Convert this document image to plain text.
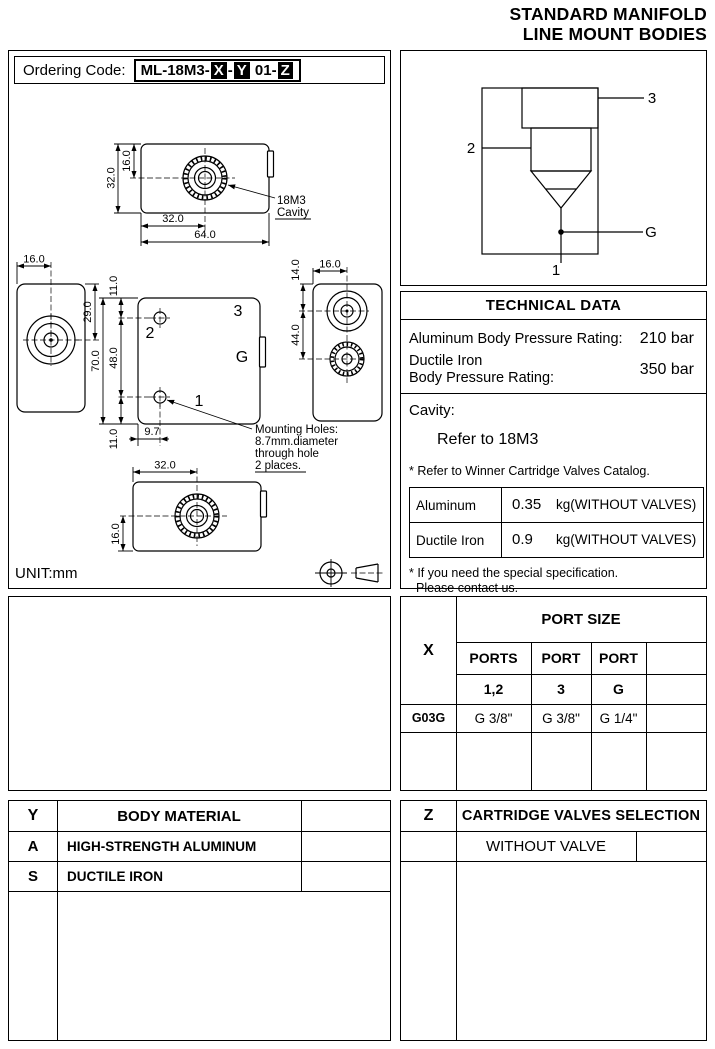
STANDARD MANIFOLD
LINE MOUNT BODIES
Ordering Code: ML-18M3- X - Y 01- Z
32.0
16.0
32.0
64.0
18M3
Cavity
16.0
29.0
2
3
G
1
70.0
11.0
48.0
11.0 9.7	Mounting Holes:
8.7mm.diameter
through hole
2 places.
14.0 16.0
44.0
32.0
16.0
UNIT:mm
2
3
G
1
TECHNICAL DATA
Aluminum Body Pressure Rating: 210 bar
Ductile Iron
Body Pressure Rating:	350 bar
Cavity:
Refer to 18M3
* Refer to Winner Cartridge Valves Catalog.
Aluminum	0.35 kg(WITHOUT VALVES)
Ductile Iron	0.9 kg(WITHOUT VALVES)
* If you need the special specification.
Please contact us.
X
PORT SIZE
PORTS	PORT	PORT
1,2	3	G
G03G	G 3/8"	G 3/8"	G 1/4"
Y	BODY MATERIAL
A	HIGH-STRENGTH ALUMINUM
S	DUCTILE IRON
Z	CARTRIDGE VALVES SELECTION
WITHOUT VALVE
